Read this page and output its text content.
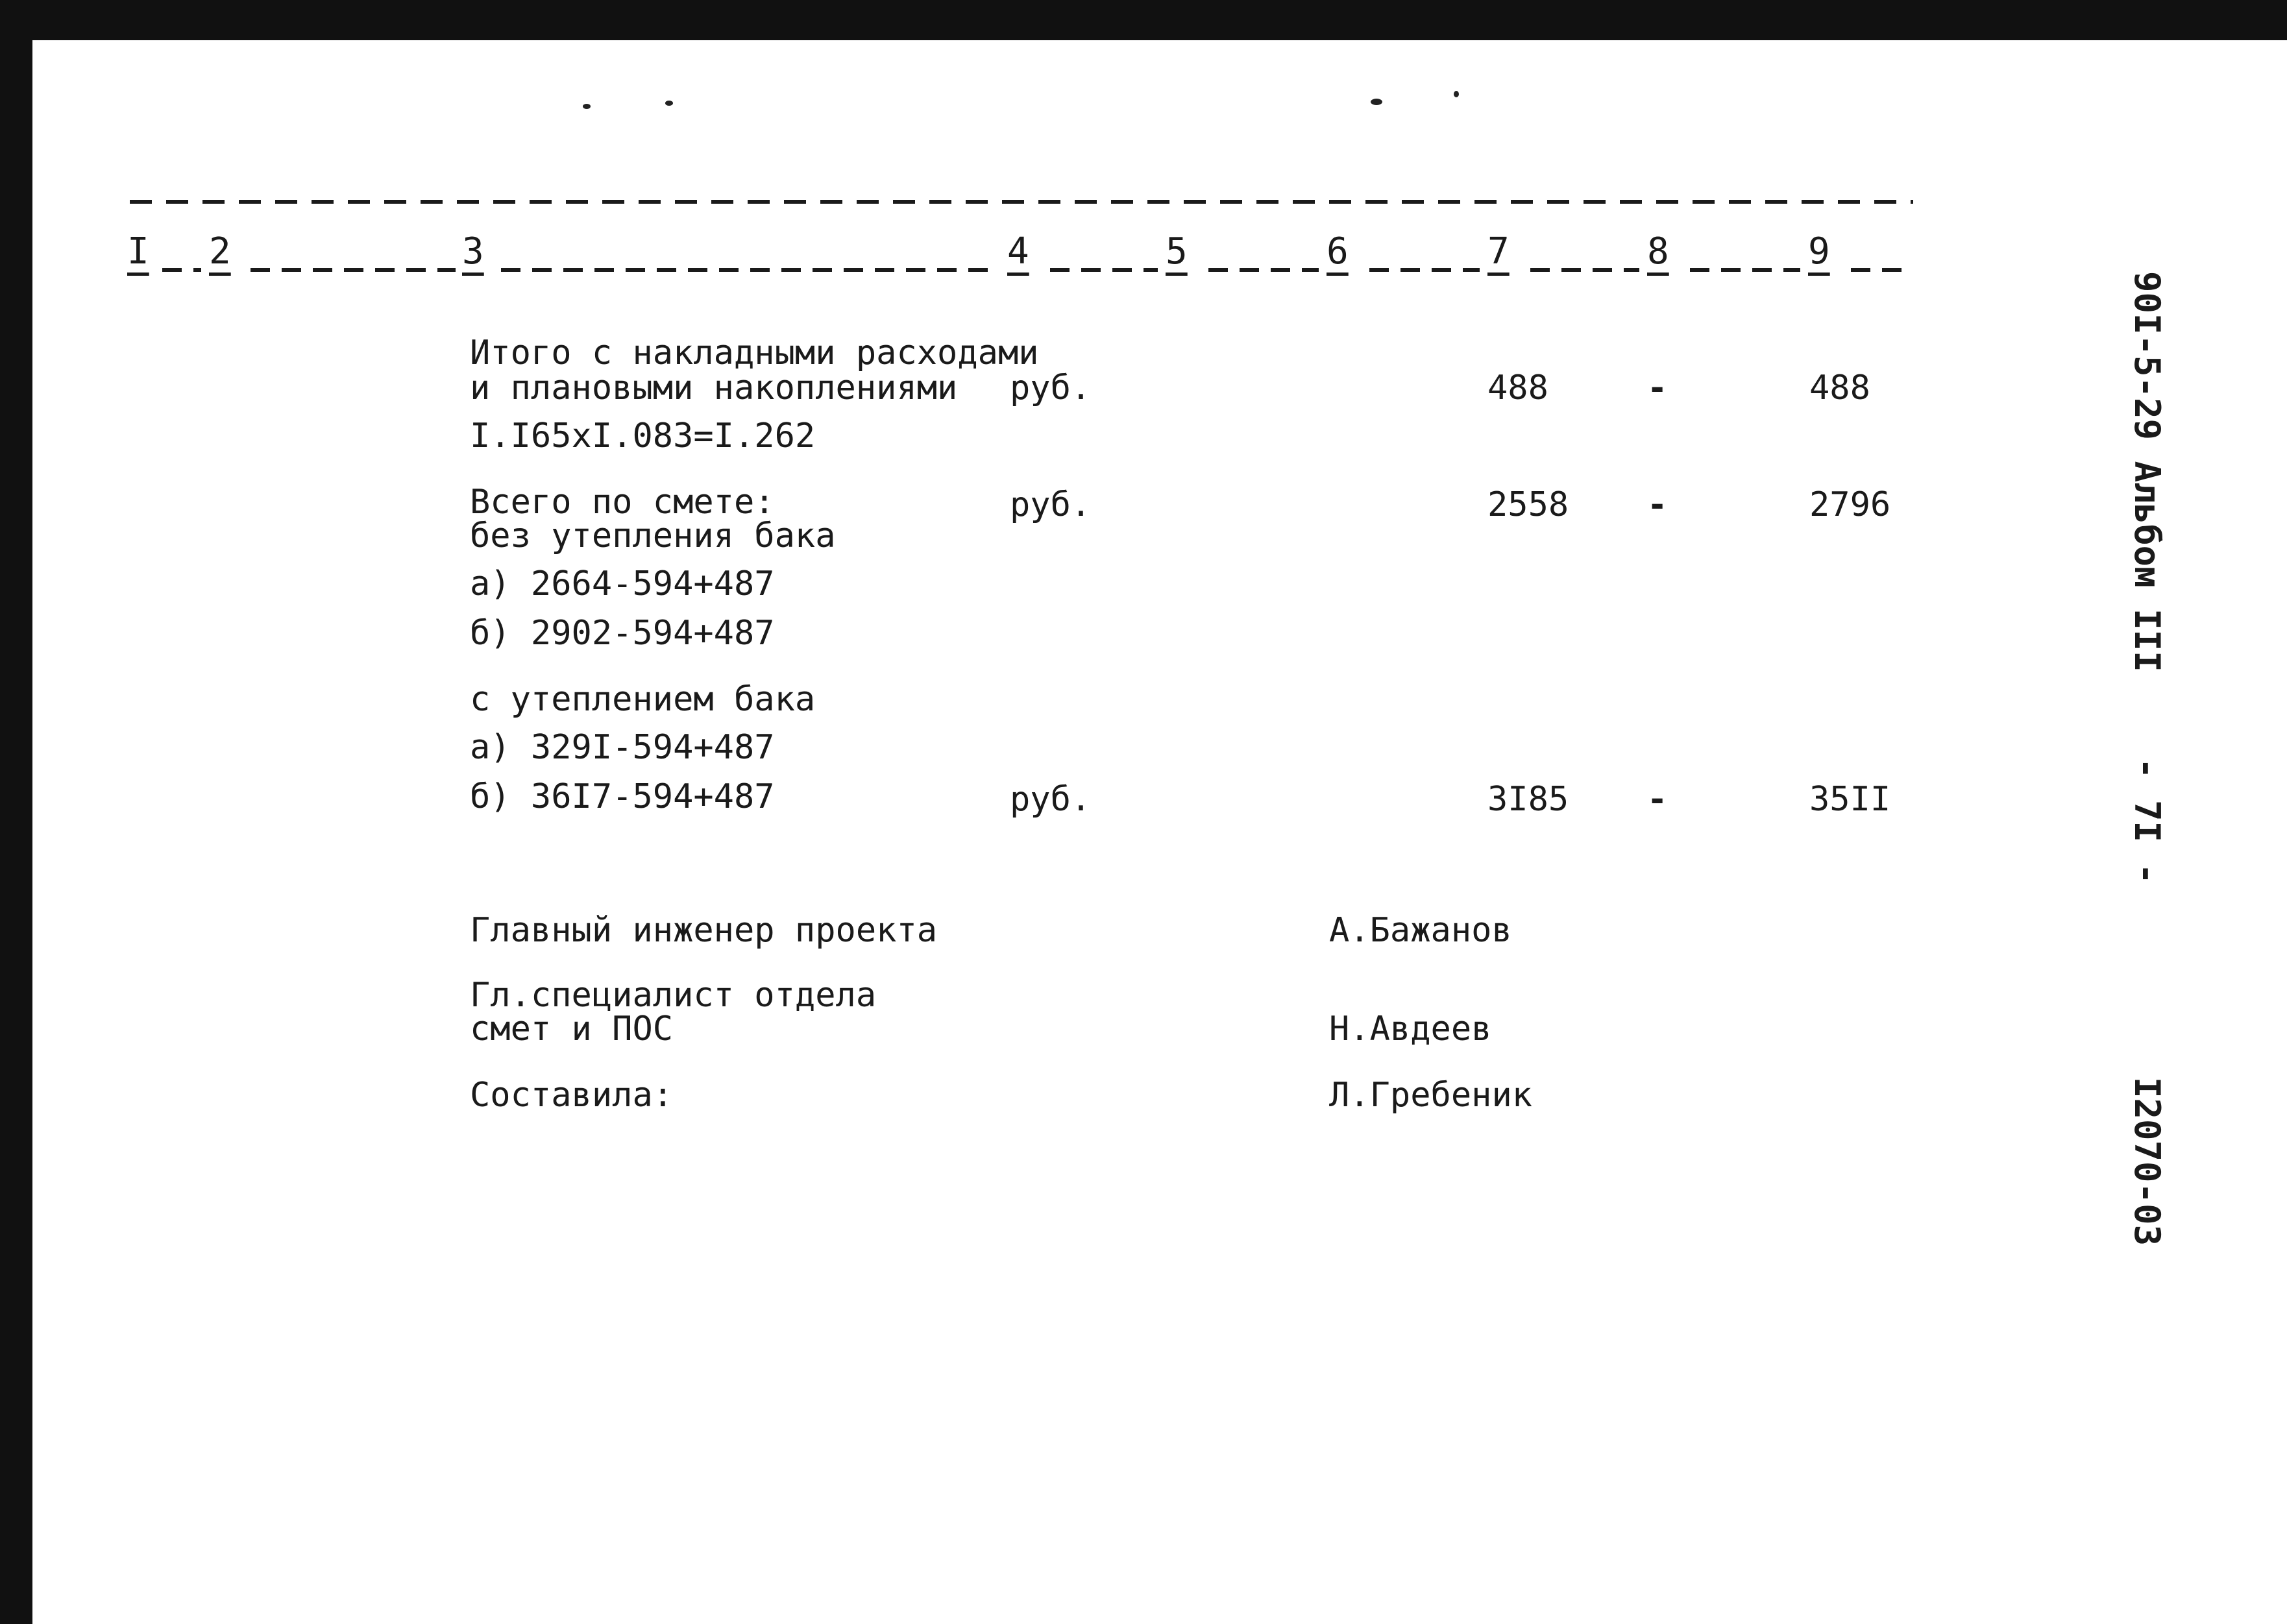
I 2	3	4	5	6	7	8	9
Итого с накладными расходами
и плановыми накоплениями руб.	488	-	488
I.I65xI.083=I.262
Всего по смете:
без утепления бака
руб.	2558 -	2796
а) 2664-594+487
б) 2902-594+487
с утеплением бака
а) 329I-594+487
б) 36I7-594+487	руб.	3I85 -	35II
Главный инженер проекта	А.Бажанов
Гл.специалист отдела
смет и ПОС	Н.Авдеев
Составила:	Л.Гребеник
90I-5-29 Альбом III
- 7I -
I2070-03
